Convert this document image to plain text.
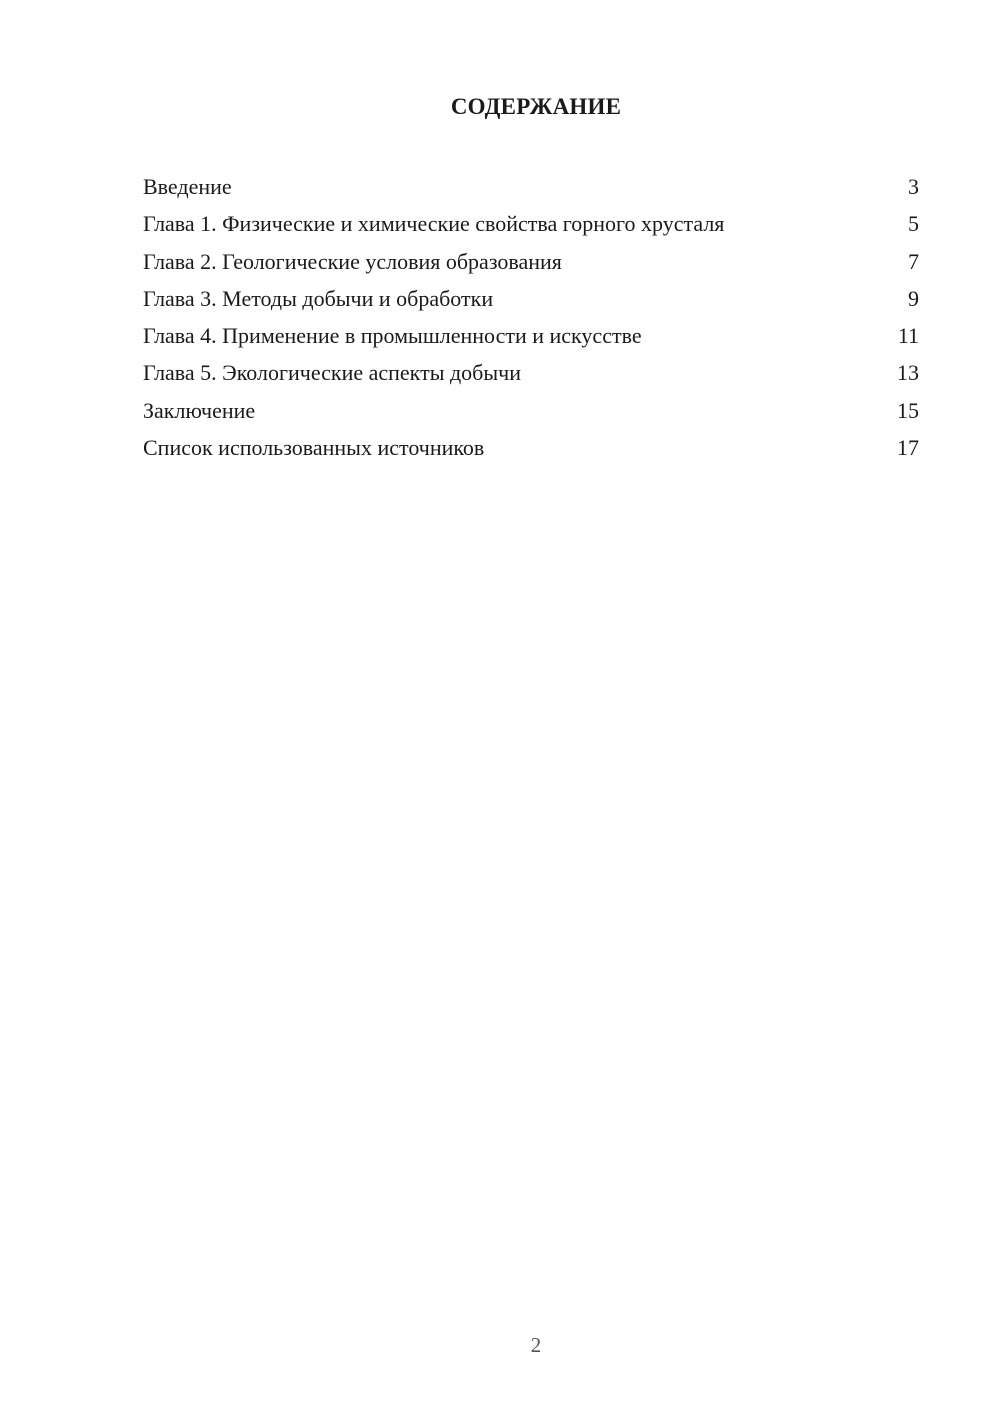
СОДЕРЖАНИЕ
Введение	3
Глава 1. Физические и химические свойства горного хрусталя	5
Глава 2. Геологические условия образования	7
Глава 3. Методы добычи и обработки	9
Глава 4. Применение в промышленности и искусстве	11
Глава 5. Экологические аспекты добычи	13
Заключение	15
Список использованных источников	17
2
